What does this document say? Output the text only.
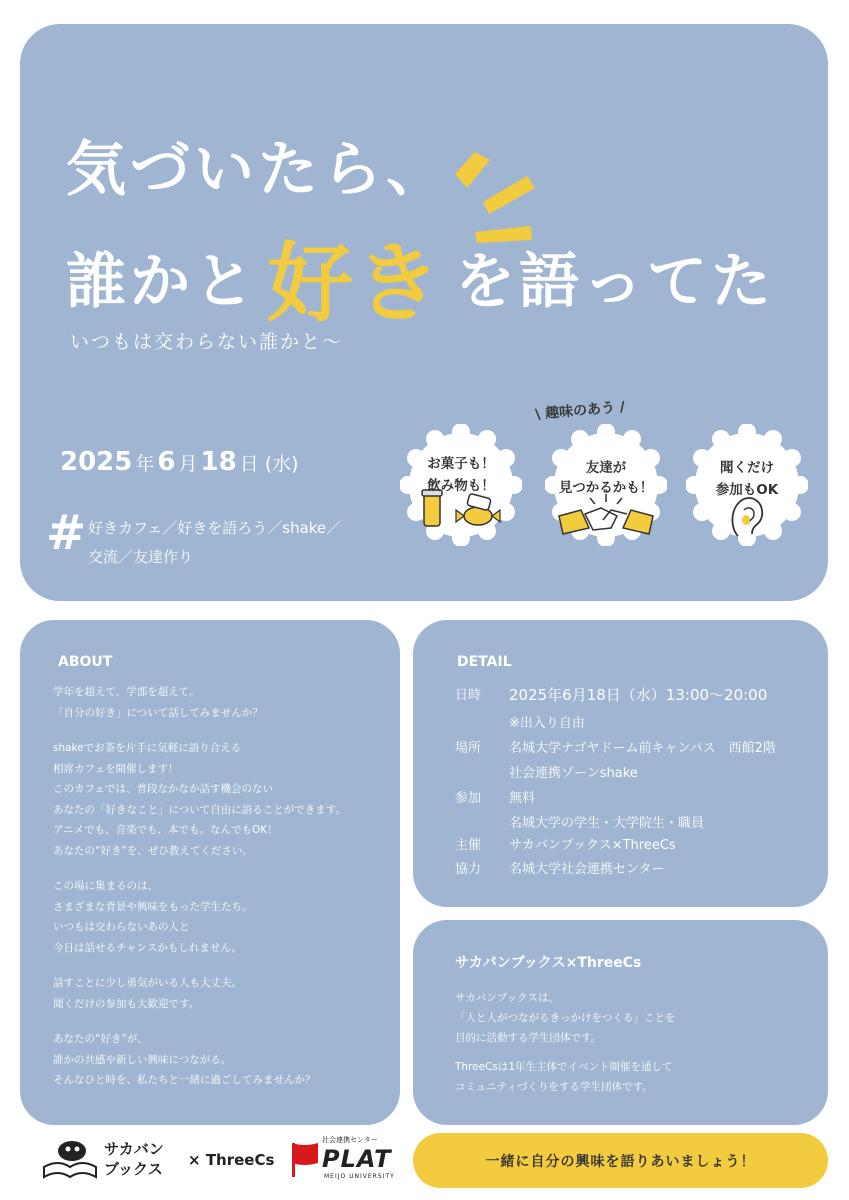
気づいたら、
誰かと 好き を語ってた
いつもは交わらない誰かと～
2025 年 6 月 18 日 (水)
# 好きカフェ／好きを語ろう／shake／
交流／友達作り
\ 趣味のあう /
お菓子も！
飲み物も！
友達が
見つかるかも！
聞くだけ
参加もOK
ABOUT
学年を超えて、学部を超えて。
「自分の好き」について話してみませんか？
shakeでお茶を片手に気軽に語り合える
相席カフェを開催します！
このカフェでは、普段なかなか話す機会のない
あなたの「好きなこと」について自由に語ることができます。
アニメでも、音楽でも、本でも。なんでもOK！
あなたの“好き”を、ぜひ教えてください。
この場に集まるのは、
さまざまな背景や興味をもった学生たち。
いつもは交わらないあの人と
今日は話せるチャンスかもしれません。
話すことに少し勇気がいる人も大丈夫。
聞くだけの参加も大歓迎です。
あなたの“好き”が、
誰かの共感や新しい興味につながる。
そんなひと時を、私たちと一緒に過ごしてみませんか？
DETAIL
日時 2025年6月18日（水）13:00～20:00
※出入り自由
場所 名城大学ナゴヤドーム前キャンパス　西館2階
社会連携ゾーンshake
参加 無料
名城大学の学生・大学院生・職員
主催 サカバンブックス×ThreeCs
協力 名城大学社会連携センター
サカバンブックス×ThreeCs
サカバンブックスは、
「人と人がつながるきっかけをつくる」ことを
目的に活動する学生団体です。
ThreeCsは1年生主体でイベント開催を通して
コミュニティづくりをする学生団体です。
サカバン
ブックス × ThreeCs
社会連携センター
PLAT
MEIJO UNIVERSITY
一緒に自分の興味を語りあいましょう！
